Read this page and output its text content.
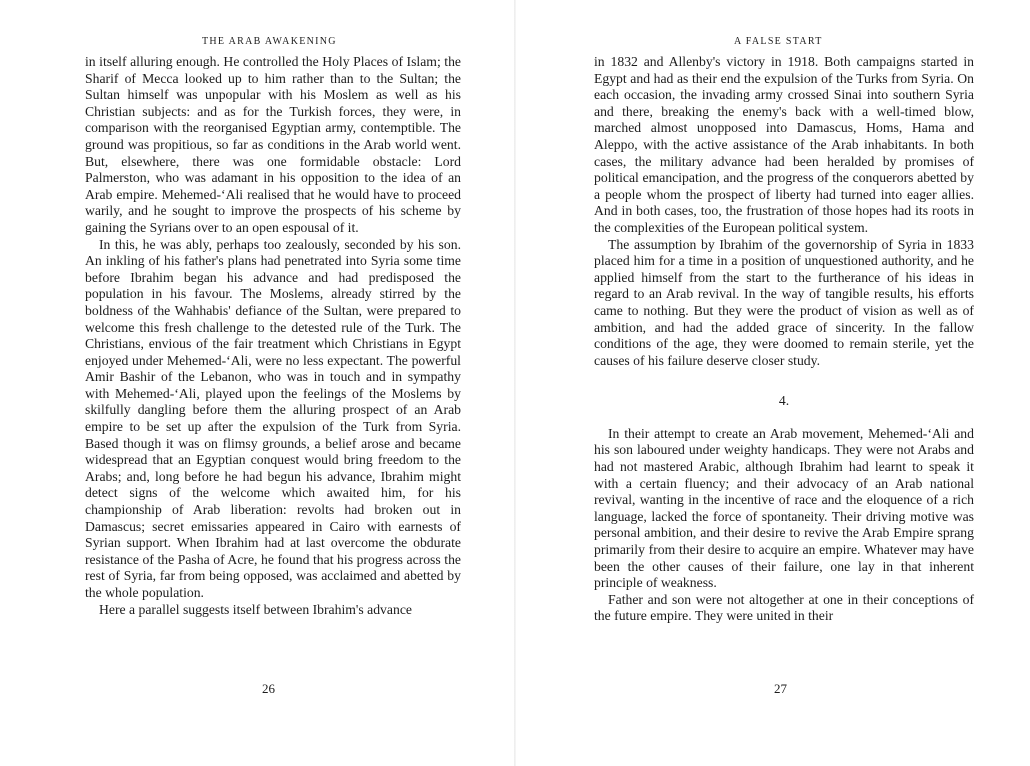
THE ARAB AWAKENING

in itself alluring enough. He controlled the Holy Places of Islam; the Sharif of Mecca looked up to him rather than to the Sultan; the Sultan himself was unpopular with his Moslem as well as his Christian subjects: and as for the Turkish forces, they were, in comparison with the reorganised Egyptian army, contemptible. The ground was propitious, so far as conditions in the Arab world went. But, elsewhere, there was one formidable obstacle: Lord Palmerston, who was adamant in his opposition to the idea of an Arab empire. Mehemed-‘Ali realised that he would have to proceed warily, and he sought to improve the prospects of his scheme by gaining the Syrians over to an open espousal of it.

In this, he was ably, perhaps too zealously, seconded by his son. An inkling of his father's plans had penetrated into Syria some time before Ibrahim began his advance and had predisposed the population in his favour. The Moslems, already stirred by the boldness of the Wahhabis' defiance of the Sultan, were prepared to welcome this fresh challenge to the detested rule of the Turk. The Christians, envious of the fair treatment which Christians in Egypt enjoyed under Mehemed-‘Ali, were no less expectant. The powerful Amir Bashir of the Lebanon, who was in touch and in sympathy with Mehemed-‘Ali, played upon the feelings of the Moslems by skilfully dangling before them the alluring prospect of an Arab empire to be set up after the expulsion of the Turk from Syria. Based though it was on flimsy grounds, a belief arose and became widespread that an Egyptian conquest would bring freedom to the Arabs; and, long before he had begun his advance, Ibrahim might detect signs of the welcome which awaited him, for his championship of Arab liberation: revolts had broken out in Damascus; secret emissaries appeared in Cairo with earnests of Syrian support. When Ibrahim had at last overcome the obdurate resistance of the Pasha of Acre, he found that his progress across the rest of Syria, far from being opposed, was acclaimed and abetted by the whole population.

Here a parallel suggests itself between Ibrahim's advance

26
A FALSE START

in 1832 and Allenby's victory in 1918. Both campaigns started in Egypt and had as their end the expulsion of the Turks from Syria. On each occasion, the invading army crossed Sinai into southern Syria and there, breaking the enemy's back with a well-timed blow, marched almost unopposed into Damascus, Homs, Hama and Aleppo, with the active assistance of the Arab inhabitants. In both cases, the military advance had been heralded by promises of political emancipation, and the progress of the conquerors abetted by a people whom the prospect of liberty had turned into eager allies. And in both cases, too, the frustration of those hopes had its roots in the complexities of the European political system.

The assumption by Ibrahim of the governorship of Syria in 1833 placed him for a time in a position of unquestioned authority, and he applied himself from the start to the furtherance of his ideas in regard to an Arab revival. In the way of tangible results, his efforts came to nothing. But they were the product of vision as well as of ambition, and had the added grace of sincerity. In the fallow conditions of the age, they were doomed to remain sterile, yet the causes of his failure deserve closer study.

4.

In their attempt to create an Arab movement, Mehemed-‘Ali and his son laboured under weighty handicaps. They were not Arabs and had not mastered Arabic, although Ibrahim had learnt to speak it with a certain fluency; and their advocacy of an Arab national revival, wanting in the incentive of race and the eloquence of a rich language, lacked the force of spontaneity. Their driving motive was personal ambition, and their desire to revive the Arab Empire sprang primarily from their desire to acquire an empire. Whatever may have been the other causes of their failure, one lay in that inherent principle of weakness.

Father and son were not altogether at one in their conceptions of the future empire. They were united in their

27
